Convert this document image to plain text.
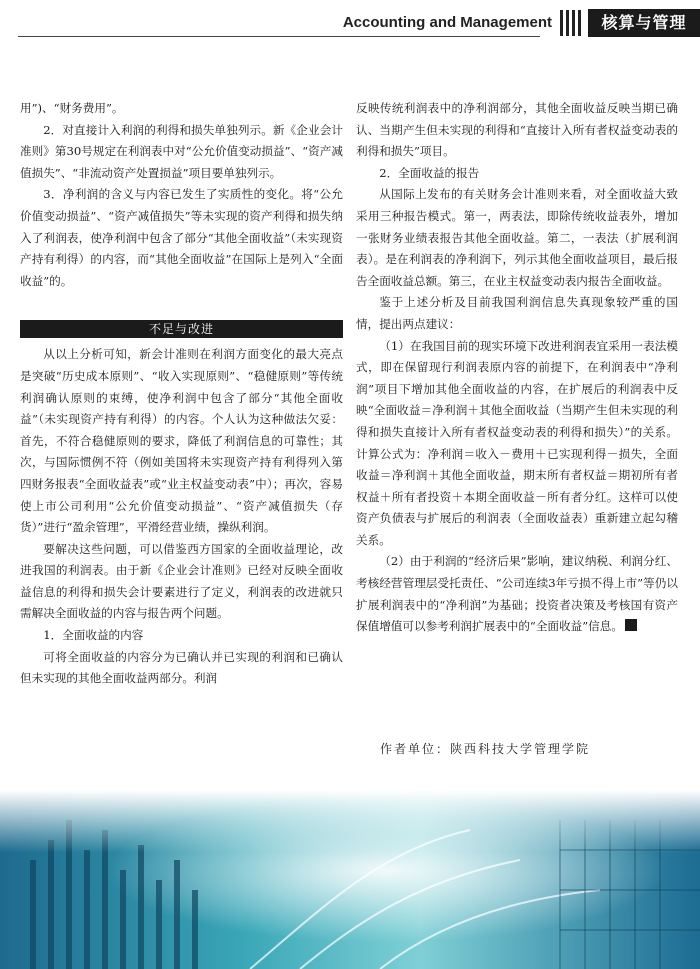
Accounting and Management	核算与管理

用”)、“财务费用”。

2．对直接计入利润的利得和损失单独列示。新《企业会计准则》第30号规定在利润表中对“公允价值变动损益”、“资产减值损失”、“非流动资产处置损益”项目要单独列示。

3．净利润的含义与内容已发生了实质性的变化。将“公允价值变动损益”、“资产减值损失”等未实现的资产利得和损失纳入了利润表，使净利润中包含了部分“其他全面收益”（未实现资产持有利得）的内容，而“其他全面收益”在国际上是列入“全面收益”的。

不足与改进

从以上分析可知，新会计准则在利润方面变化的最大亮点是突破“历史成本原则”、“收入实现原则”、“稳健原则”等传统利润确认原则的束缚，使净利润中包含了部分“其他全面收益”（未实现资产持有利得）的内容。个人认为这种做法欠妥：首先，不符合稳健原则的要求，降低了利润信息的可靠性；其次，与国际惯例不符（例如美国将未实现资产持有利得列入第四财务报表“全面收益表”或“业主权益变动表”中）；再次，容易使上市公司利用“公允价值变动损益”、“资产减值损失（存货）”进行“盈余管理”，平滑经营业绩，操纵利润。

要解决这些问题，可以借鉴西方国家的全面收益理论，改进我国的利润表。由于新《企业会计准则》已经对反映全面收益信息的利得和损失会计要素进行了定义，利润表的改进就只需解决全面收益的内容与报告两个问题。

1．全面收益的内容

可将全面收益的内容分为已确认并已实现的利润和已确认但未实现的其他全面收益两部分。利润

反映传统利润表中的净利润部分，其他全面收益反映当期已确认、当期产生但未实现的利得和“直接计入所有者权益变动表的利得和损失”项目。

2．全面收益的报告

从国际上发布的有关财务会计准则来看，对全面收益大致采用三种报告模式。第一，两表法，即除传统收益表外，增加一张财务业绩表报告其他全面收益。第二，一表法（扩展利润表）。是在利润表的净利润下，列示其他全面收益项目，最后报告全面收益总额。第三，在业主权益变动表内报告全面收益。

鉴于上述分析及目前我国利润信息失真现象较严重的国情，提出两点建议：

（1）在我国目前的现实环境下改进利润表宜采用一表法模式，即在保留现行利润表原内容的前提下，在利润表中“净利润”项目下增加其他全面收益的内容，在扩展后的利润表中反映“全面收益＝净利润＋其他全面收益（当期产生但未实现的利得和损失直接计入所有者权益变动表的利得和损失）”的关系。计算公式为：净利润＝收入－费用＋已实现利得－损失，全面收益＝净利润＋其他全面收益，期末所有者权益＝期初所有者权益＋所有者投资＋本期全面收益－所有者分红。这样可以使资产负债表与扩展后的利润表（全面收益表）重新建立起勾稽关系。

（2）由于利润的“经济后果”影响，建议纳税、利润分红、考核经营管理层受托责任、“公司连续3年亏损不得上市”等仍以扩展利润表中的“净利润”为基础；投资者决策及考核国有资产保值增值可以参考利润扩展表中的“全面收益”信息。

作者单位：陕西科技大学管理学院
